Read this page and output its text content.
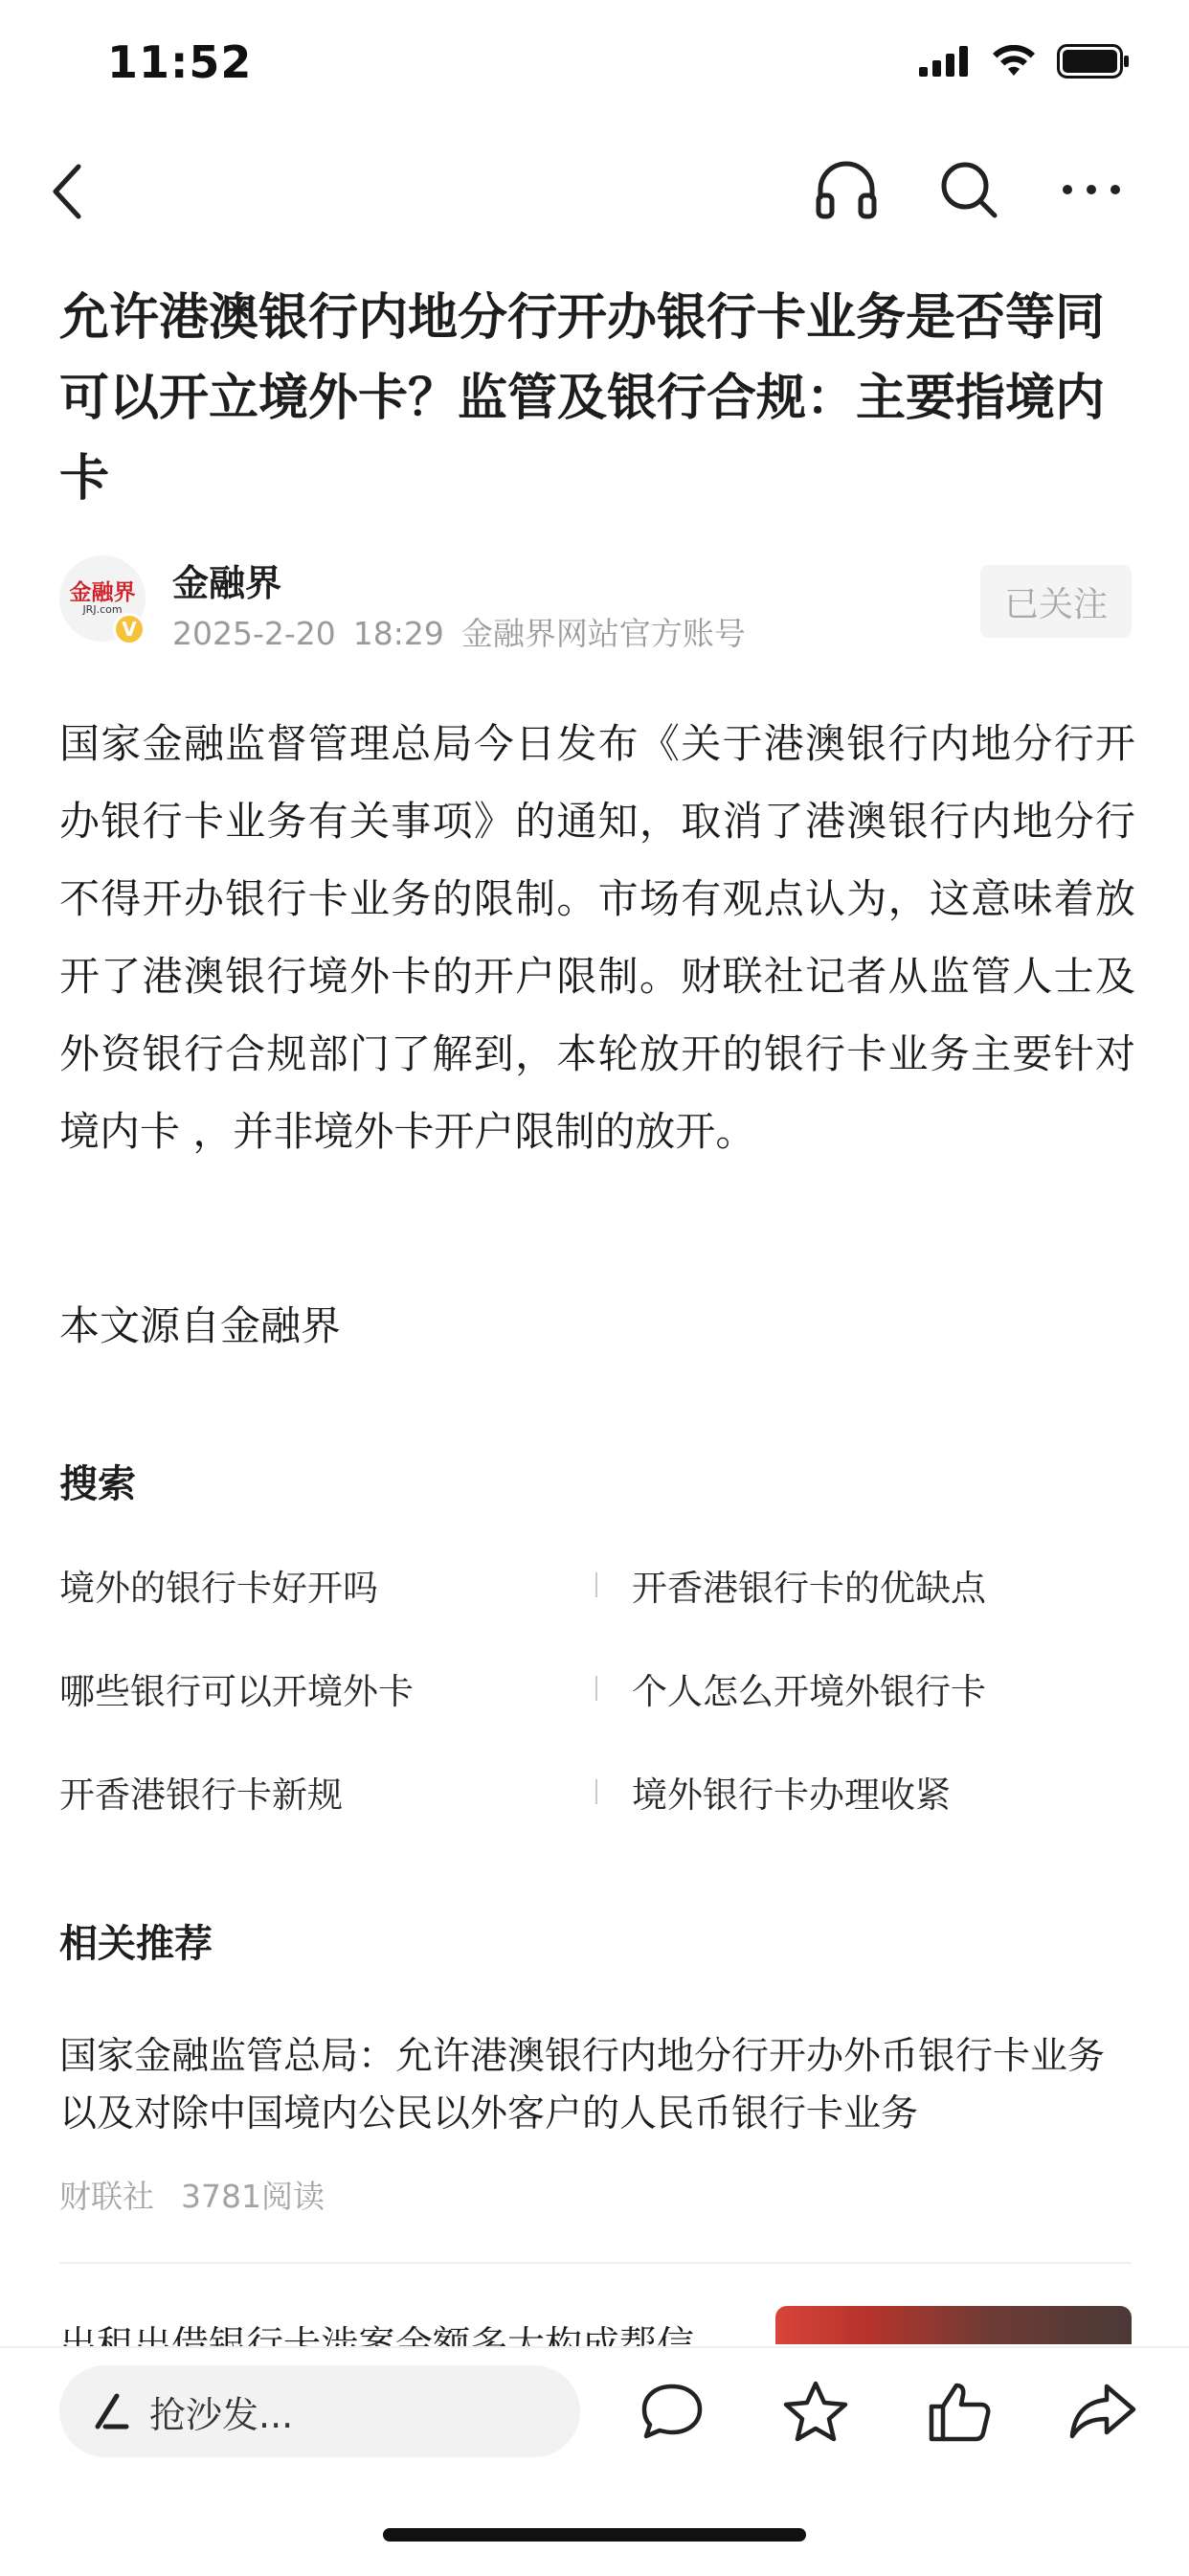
11:52
允许港澳银行内地分行开办银行卡业务是否等同可以开立境外卡？监管及银行合规：主要指境内卡
金融界
JRJ.com
V
金融界
2025-2-20 18:29 金融界网站官方账号
已关注
国家金融监督管理总局今日发布《关于港澳银行内地分行开办银行卡业务有关事项》的通知，取消了港澳银行内地分行不得开办银行卡业务的限制。市场有观点认为，这意味着放开了港澳银行境外卡的开户限制。财联社记者从监管人士及外资银行合规部门了解到，本轮放开的银行卡业务主要针对境内卡 ，并非境外卡开户限制的放开。
本文源自金融界
搜索
境外的银行卡好开吗	开香港银行卡的优缺点
哪些银行可以开境外卡	个人怎么开境外银行卡
开香港银行卡新规	境外银行卡办理收紧
相关推荐
国家金融监管总局：允许港澳银行内地分行开办外币银行卡业务以及对除中国境内公民以外客户的人民币银行卡业务
财联社 3781阅读
抢沙发...
